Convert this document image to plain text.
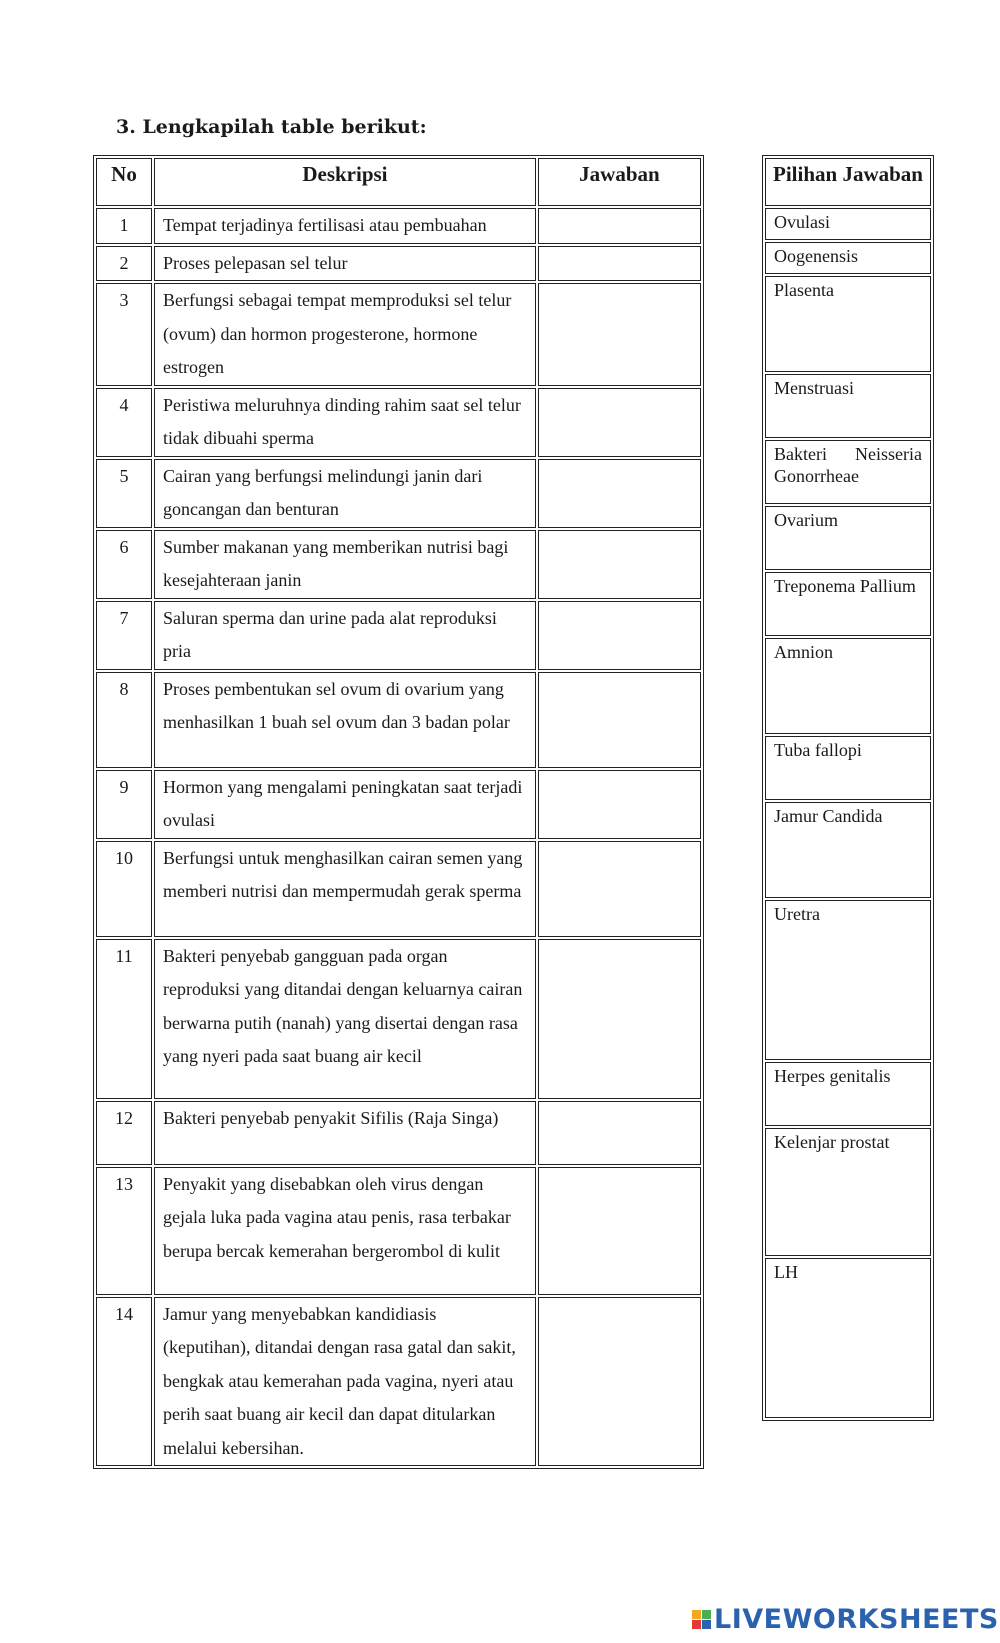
3. Lengkapilah table berikut:
No	Deskripsi	Jawaban
1	Tempat terjadinya fertilisasi atau pembuahan	
2	Proses pelepasan sel telur	
3	Berfungsi sebagai tempat memproduksi sel telur (ovum) dan hormon progesterone, hormone estrogen	
4	Peristiwa meluruhnya dinding rahim saat sel telur tidak dibuahi sperma	
5	Cairan yang berfungsi melindungi janin dari goncangan dan benturan	
6	Sumber makanan yang memberikan nutrisi bagi kesejahteraan janin	
7	Saluran sperma dan urine pada alat reproduksi pria	
8	Proses pembentukan sel ovum di ovarium yang menhasilkan 1 buah sel ovum dan 3 badan polar	
9	Hormon yang mengalami peningkatan saat terjadi ovulasi	
10	Berfungsi untuk menghasilkan cairan semen yang memberi nutrisi dan mempermudah gerak sperma	
11	Bakteri penyebab gangguan pada organ reproduksi yang ditandai dengan keluarnya cairan berwarna putih (nanah) yang disertai dengan rasa yang nyeri pada saat buang air kecil	
12	Bakteri penyebab penyakit Sifilis (Raja Singa)	
13	Penyakit yang disebabkan oleh virus dengan gejala luka pada vagina atau penis, rasa terbakar berupa bercak kemerahan bergerombol di kulit	
14	Jamur yang menyebabkan kandidiasis (keputihan), ditandai dengan rasa gatal dan sakit, bengkak atau kemerahan pada vagina, nyeri atau perih saat buang air kecil dan dapat ditularkan melalui kebersihan.	
Pilihan Jawaban
Ovulasi
Oogenensis
Plasenta
Menstruasi
Bakteri Neisseria Gonorrheae
Ovarium
Treponema Pallium
Amnion
Tuba fallopi
Jamur Candida
Uretra
Herpes genitalis
Kelenjar prostat
LH
LIVEWORKSHEETS
